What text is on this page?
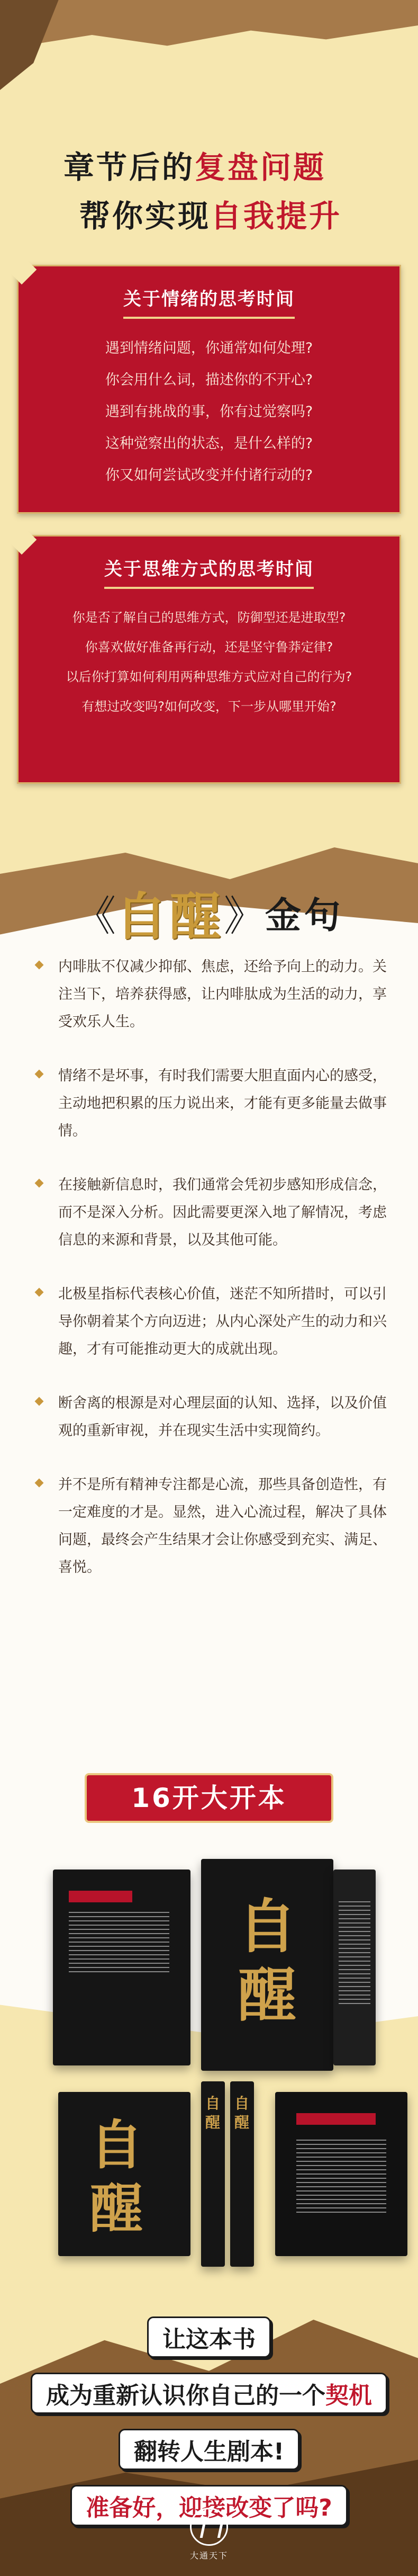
章节后的复盘问题
帮你实现自我提升
关于情绪的思考时间
遇到情绪问题，你通常如何处理?
你会用什么词，描述你的不开心?
遇到有挑战的事，你有过觉察吗?
这种觉察出的状态，是什么样的?
你又如何尝试改变并付诸行动的?
关于思维方式的思考时间
你是否了解自己的思维方式，防御型还是进取型?
你喜欢做好准备再行动，还是坚守鲁莽定律?
以后你打算如何利用两种思维方式应对自己的行为?
有想过改变吗?如何改变，下一步从哪里开始?
《自醒》金句

内啡肽不仅减少抑郁、焦虑，还给予向上的动力。关注当下，培养获得感，让内啡肽成为生活的动力，享受欢乐人生。

情绪不是坏事，有时我们需要大胆直面内心的感受，主动地把积累的压力说出来，才能有更多能量去做事情。

在接触新信息时，我们通常会凭初步感知形成信念，而不是深入分析。因此需要更深入地了解情况，考虑信息的来源和背景，以及其他可能。

北极星指标代表核心价值，迷茫不知所措时，可以引导你朝着某个方向迈进；从内心深处产生的动力和兴趣，才有可能推动更大的成就出现。

断舍离的根源是对心理层面的认知、选择，以及价值观的重新审视，并在现实生活中实现简约。

并不是所有精神专注都是心流，那些具备创造性，有一定难度的才是。显然，进入心流过程，解决了具体问题，最终会产生结果才会让你感受到充实、满足、喜悦。

16开大开本
自
醒
自
醒
自
醒
自
醒
让这本书
成为重新认识你自己的一个契机
翻转人生剧本!
准备好，迎接改变了吗?
大通天下
